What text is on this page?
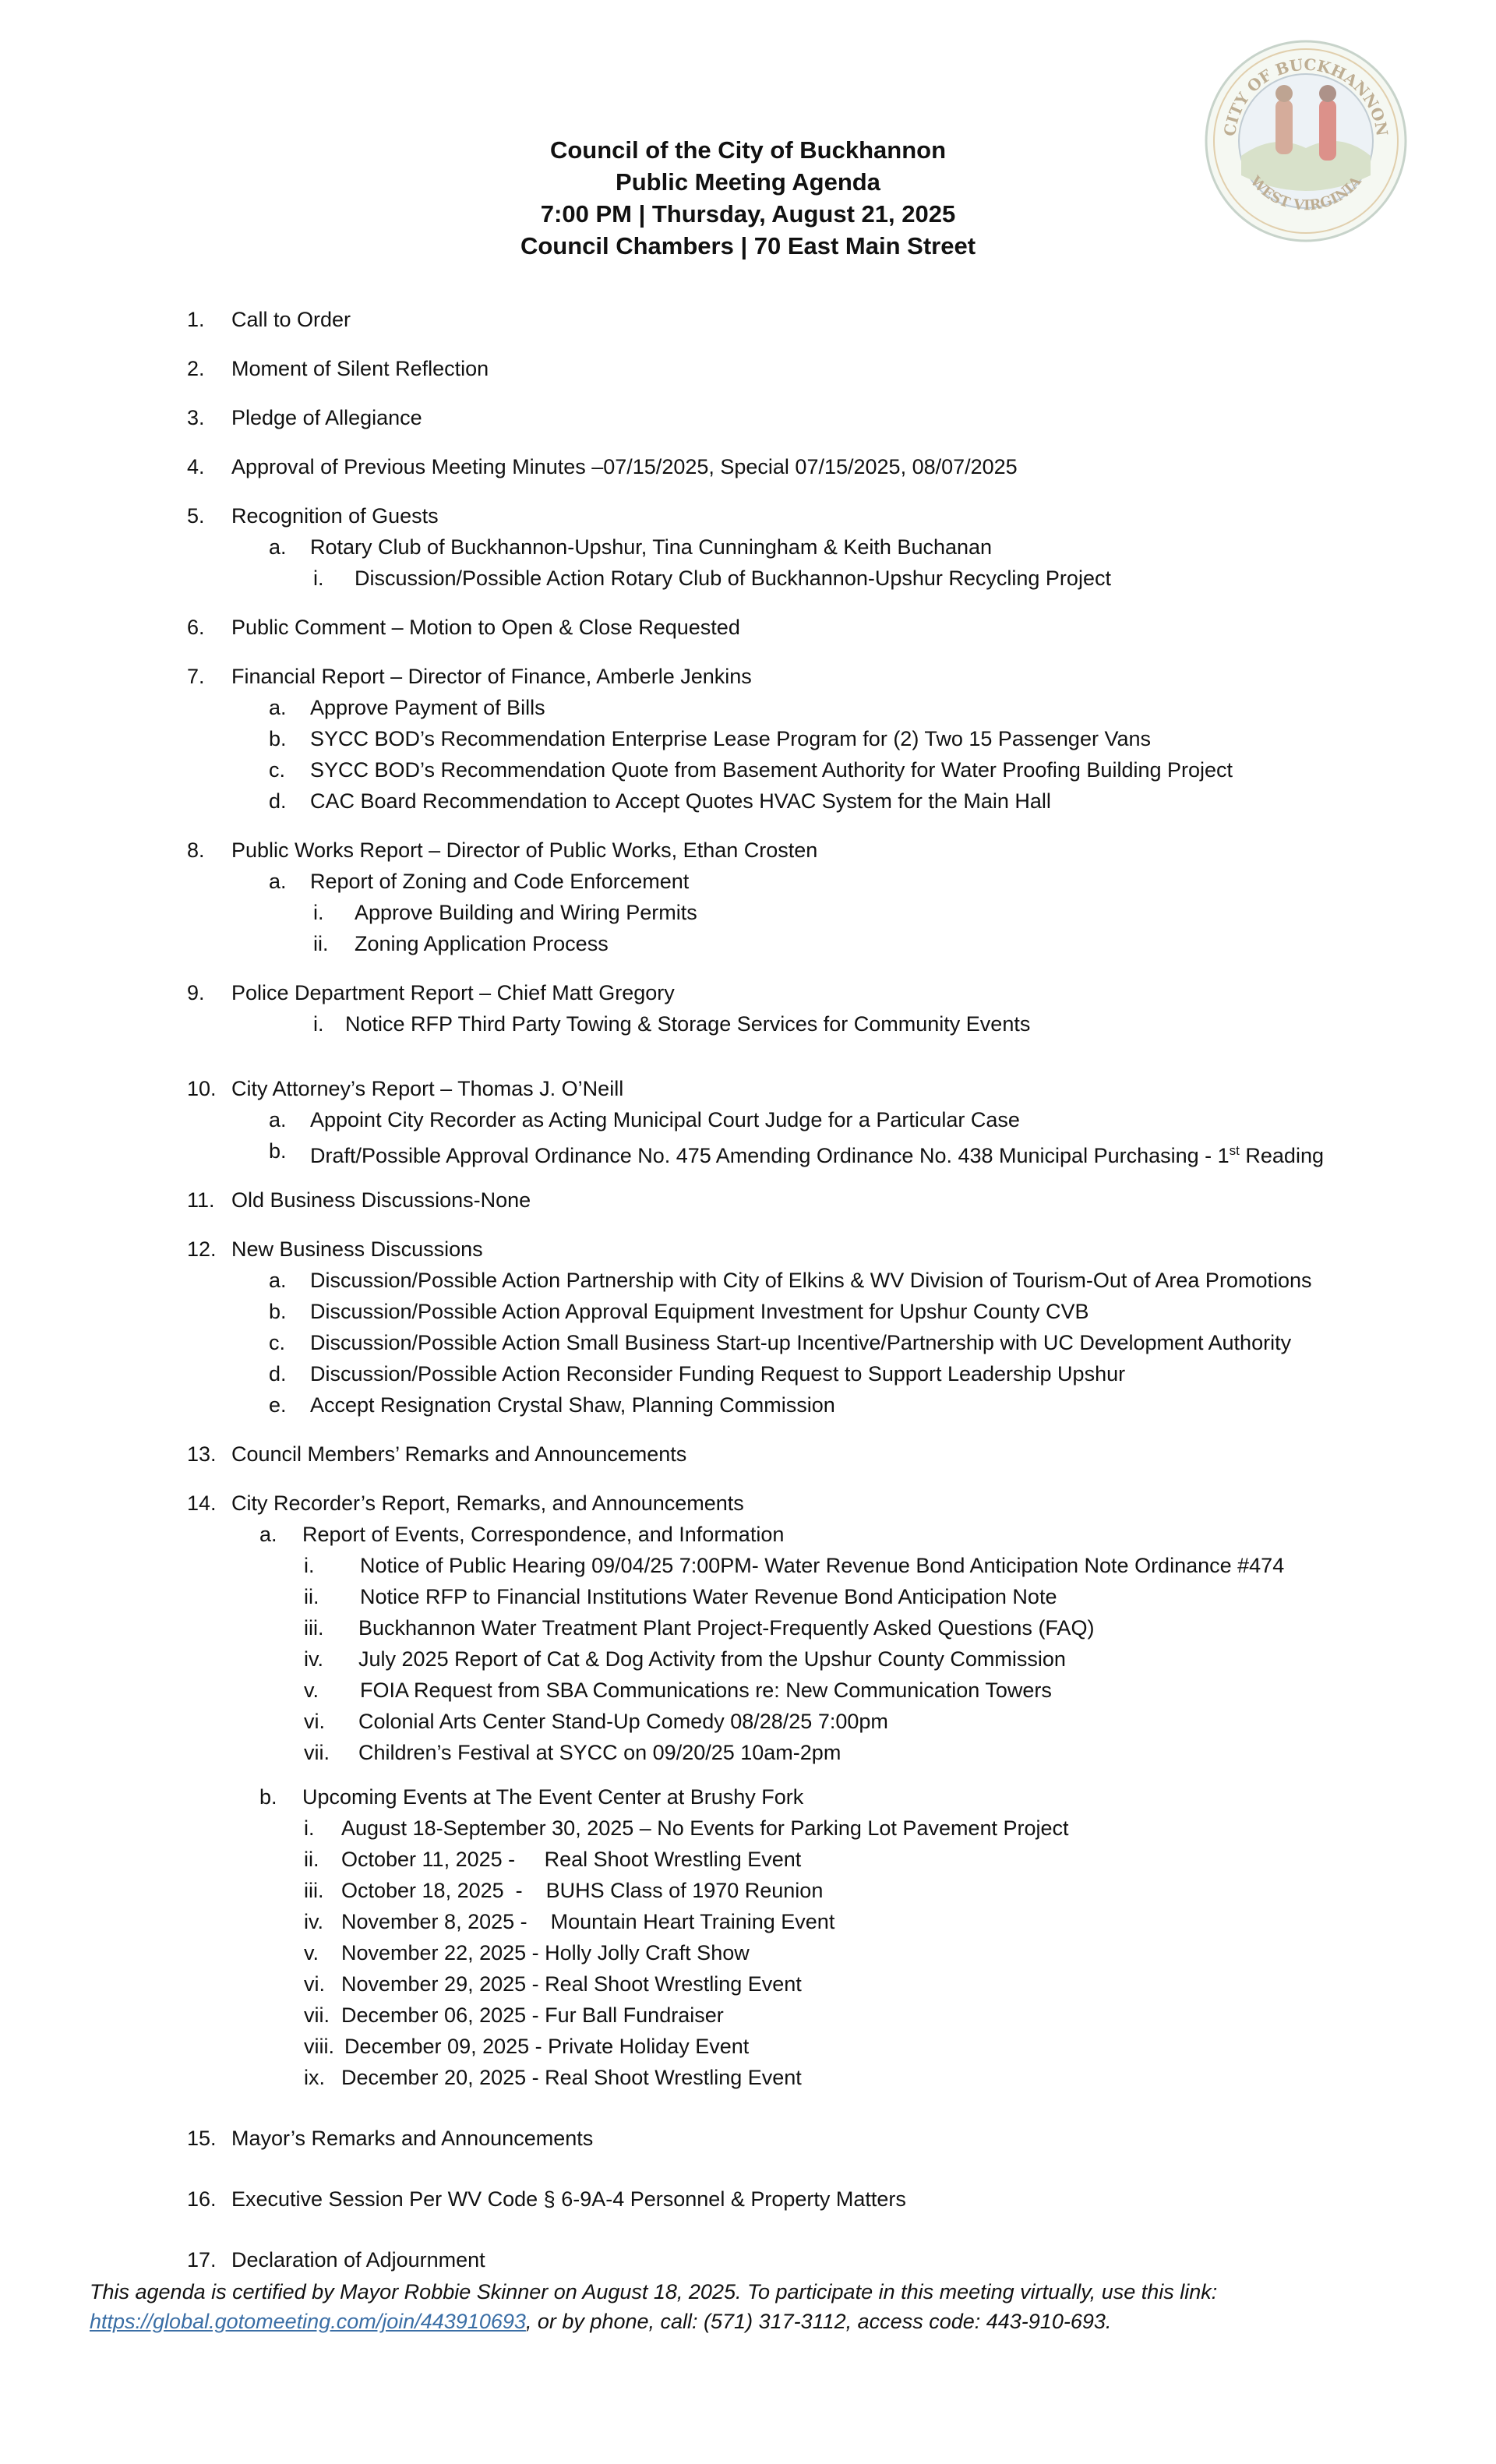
CITY OF BUCKHANNON
WEST VIRGINIA
Council of the City of Buckhannon
Public Meeting Agenda
7:00 PM | Thursday, August 21, 2025
Council Chambers | 70 East Main Street
1. Call to Order
2. Moment of Silent Reflection
3. Pledge of Allegiance
4. Approval of Previous Meeting Minutes –07/15/2025, Special 07/15/2025, 08/07/2025
5. Recognition of Guests
a. Rotary Club of Buckhannon-Upshur, Tina Cunningham & Keith Buchanan
i. Discussion/Possible Action Rotary Club of Buckhannon-Upshur Recycling Project
6. Public Comment – Motion to Open & Close Requested
7. Financial Report – Director of Finance, Amberle Jenkins
a. Approve Payment of Bills
b. SYCC BOD’s Recommendation Enterprise Lease Program for (2) Two 15 Passenger Vans
c. SYCC BOD’s Recommendation Quote from Basement Authority for Water Proofing Building Project
d. CAC Board Recommendation to Accept Quotes HVAC System for the Main Hall
8. Public Works Report – Director of Public Works, Ethan Crosten
a. Report of Zoning and Code Enforcement
i. Approve Building and Wiring Permits
ii. Zoning Application Process
9. Police Department Report – Chief Matt Gregory
i. Notice RFP Third Party Towing & Storage Services for Community Events
10. City Attorney’s Report – Thomas J. O’Neill
a. Appoint City Recorder as Acting Municipal Court Judge for a Particular Case
b. Draft/Possible Approval Ordinance No. 475 Amending Ordinance No. 438 Municipal Purchasing - 1st Reading
11. Old Business Discussions-None
12. New Business Discussions
a. Discussion/Possible Action Partnership with City of Elkins & WV Division of Tourism-Out of Area Promotions
b. Discussion/Possible Action Approval Equipment Investment for Upshur County CVB
c. Discussion/Possible Action Small Business Start-up Incentive/Partnership with UC Development Authority
d. Discussion/Possible Action Reconsider Funding Request to Support Leadership Upshur
e. Accept Resignation Crystal Shaw, Planning Commission
13. Council Members’ Remarks and Announcements
14. City Recorder’s Report, Remarks, and Announcements
a. Report of Events, Correspondence, and Information
i. Notice of Public Hearing 09/04/25 7:00PM- Water Revenue Bond Anticipation Note Ordinance #474
ii. Notice RFP to Financial Institutions Water Revenue Bond Anticipation Note
iii. Buckhannon Water Treatment Plant Project-Frequently Asked Questions (FAQ)
iv. July 2025 Report of Cat & Dog Activity from the Upshur County Commission
v. FOIA Request from SBA Communications re: New Communication Towers
vi. Colonial Arts Center Stand-Up Comedy 08/28/25 7:00pm
vii. Children’s Festival at SYCC on 09/20/25 10am-2pm
b. Upcoming Events at The Event Center at Brushy Fork
i. August 18-September 30, 2025 – No Events for Parking Lot Pavement Project
ii. October 11, 2025 -     Real Shoot Wrestling Event
iii. October 18, 2025  -    BUHS Class of 1970 Reunion
iv. November 8, 2025 -    Mountain Heart Training Event
v. November 22, 2025 - Holly Jolly Craft Show
vi. November 29, 2025 - Real Shoot Wrestling Event
vii. December 06, 2025 - Fur Ball Fundraiser
viii. December 09, 2025 - Private Holiday Event
ix. December 20, 2025 - Real Shoot Wrestling Event
15. Mayor’s Remarks and Announcements
16. Executive Session Per WV Code § 6-9A-4 Personnel & Property Matters
17. Declaration of Adjournment
This agenda is certified by Mayor Robbie Skinner on August 18, 2025. To participate in this meeting virtually, use this link:
https://global.gotomeeting.com/join/443910693, or by phone, call: (571) 317-3112, access code: 443-910-693.
